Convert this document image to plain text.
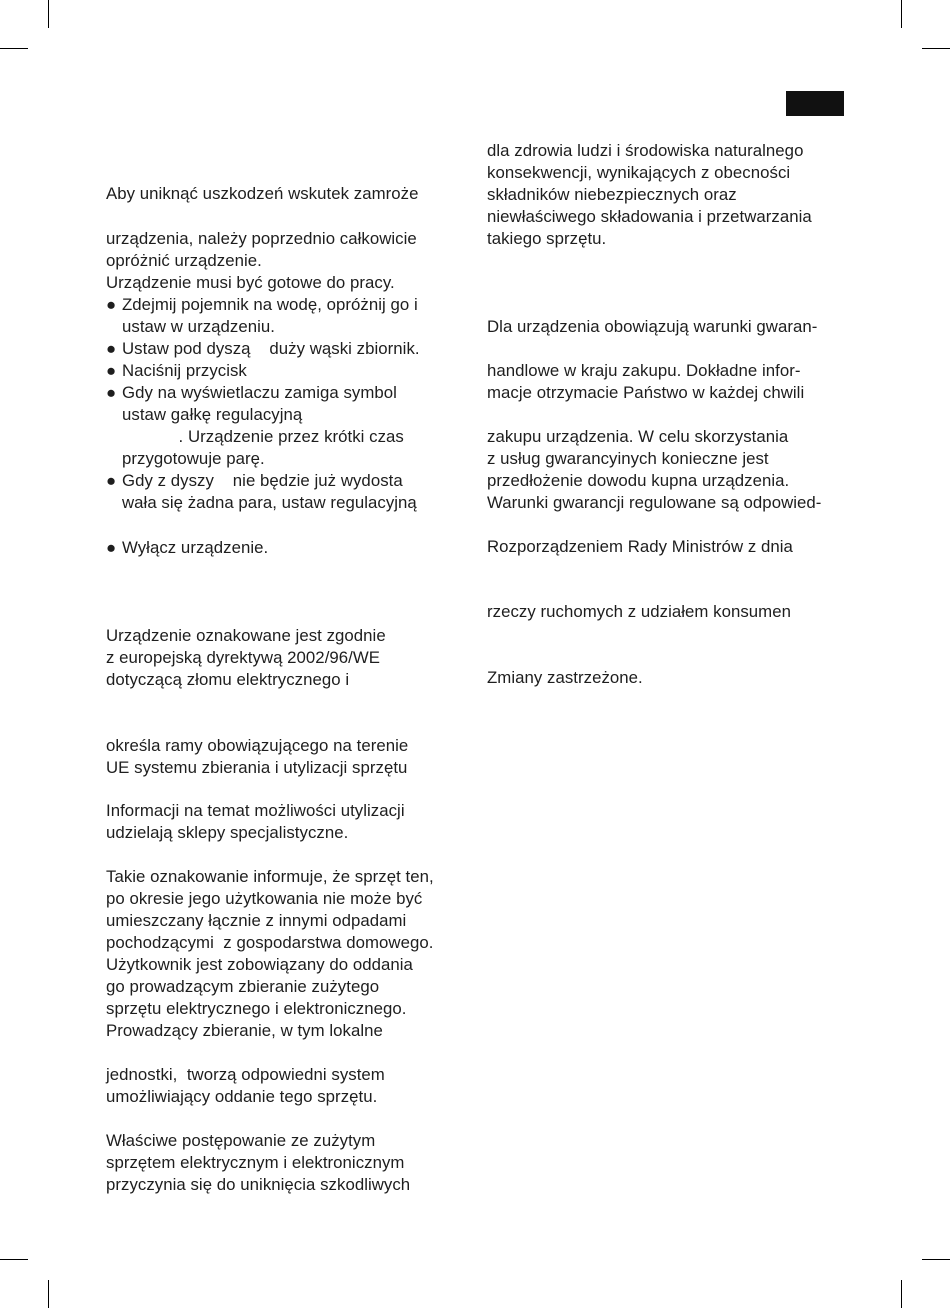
Aby uniknąć uszkodzeń wskutek zamroże
urządzenia, należy poprzednio całkowicie
opróżnić urządzenie.
Urządzenie musi być gotowe do pracy.
● Zdejmij pojemnik na wodę, opróżnij go i
ustaw w urządzeniu.
● Ustaw pod dyszą    duży wąski zbiornik.
● Naciśnij przycisk
● Gdy na wyświetlaczu zamiga symbol
ustaw gałkę regulacyjną
. Urządzenie przez krótki czas
przygotowuje parę.
● Gdy z dyszy    nie będzie już wydosta
wała się żadna para, ustaw regulacyjną
● Wyłącz urządzenie.
Urządzenie oznakowane jest zgodnie
z europejską dyrektywą 2002/96/WE
dotyczącą złomu elektrycznego i
określa ramy obowiązującego na terenie
UE systemu zbierania i utylizacji sprzętu
Informacji na temat możliwości utylizacji
udzielają sklepy specjalistyczne.
Takie oznakowanie informuje, że sprzęt ten,
po okresie jego użytkowania nie może być
umieszczany łącznie z innymi odpadami
pochodzącymi  z gospodarstwa domowego.
Użytkownik jest zobowiązany do oddania
go prowadzącym zbieranie zużytego
sprzętu elektrycznego i elektronicznego.
Prowadzący zbieranie, w tym lokalne
jednostki,  tworzą odpowiedni system
umożliwiający oddanie tego sprzętu.
Właściwe postępowanie ze zużytym
sprzętem elektrycznym i elektronicznym
przyczynia się do uniknięcia szkodliwych
dla zdrowia ludzi i środowiska naturalnego
konsekwencji, wynikających z obecności
składników niebezpiecznych oraz
niewłaściwego składowania i przetwarzania
takiego sprzętu.
Dla urządzenia obowiązują warunki gwaran-
handlowe w kraju zakupu. Dokładne infor-
macje otrzymacie Państwo w każdej chwili
zakupu urządzenia. W celu skorzystania
z usług gwarancyinych konieczne jest
przedłożenie dowodu kupna urządzenia.
Warunki gwarancji regulowane są odpowied-
Rozporządzeniem Rady Ministrów z dnia
rzeczy ruchomych z udziałem konsumen
Zmiany zastrzeżone.
